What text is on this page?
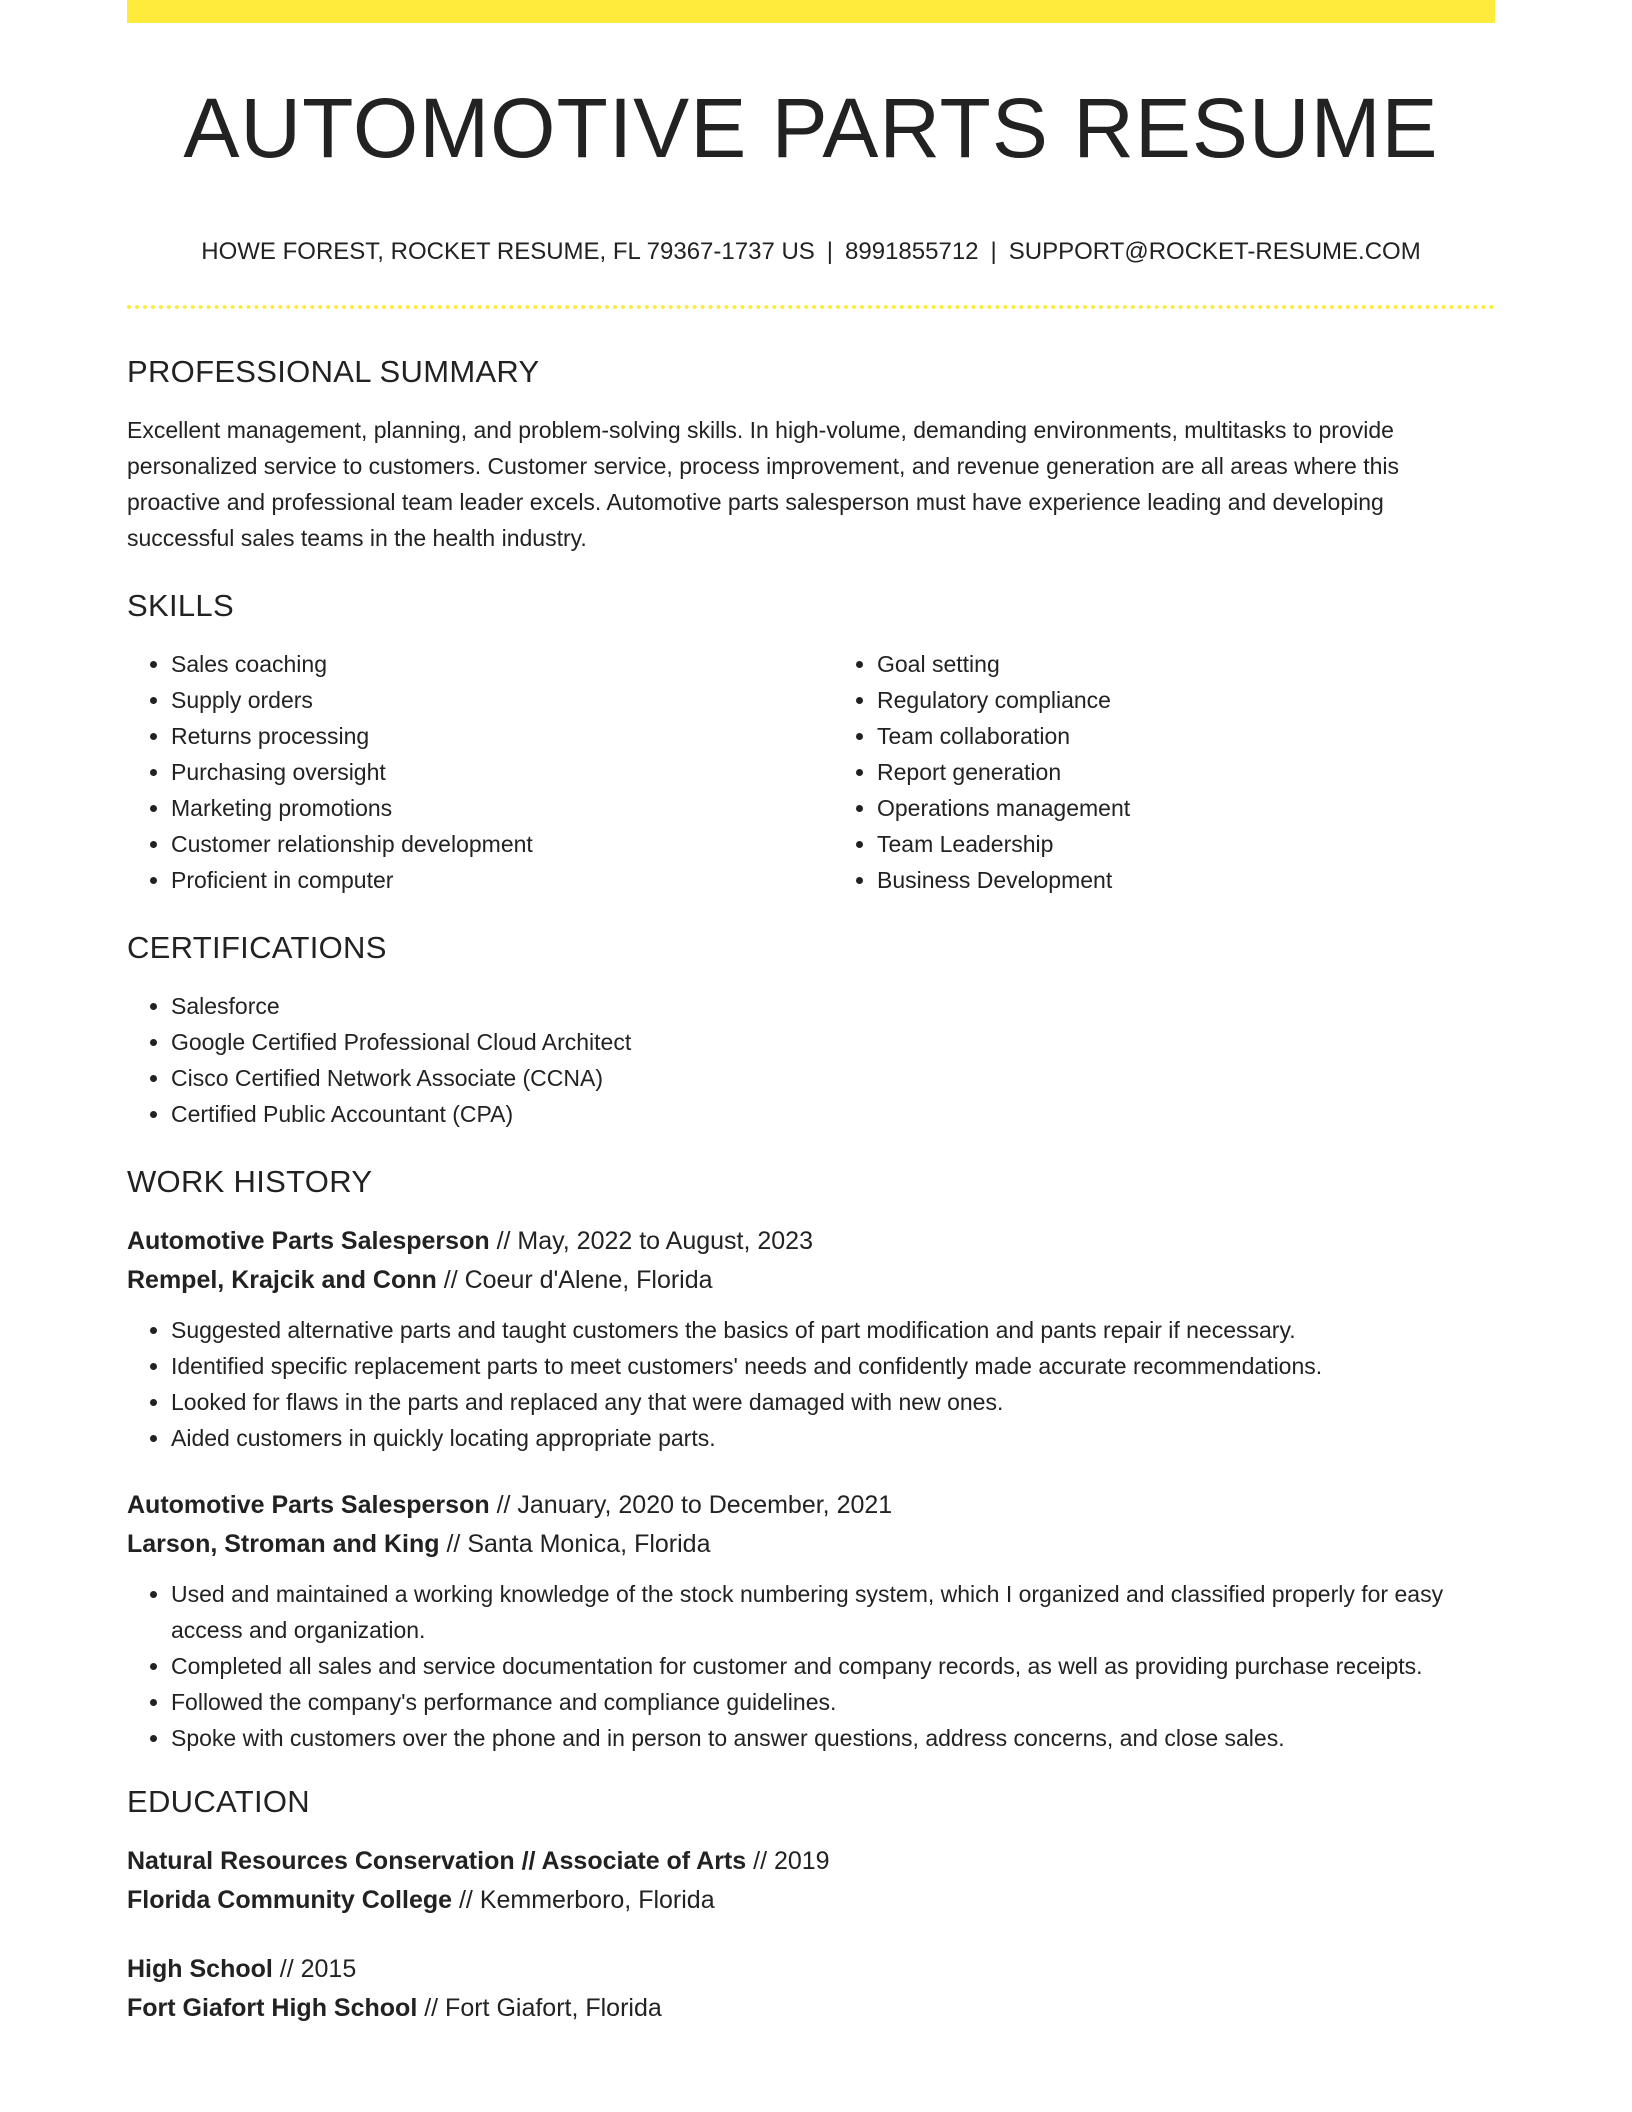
AUTOMOTIVE PARTS RESUME
HOWE FOREST, ROCKET RESUME, FL 79367-1737 US | 8991855712 | SUPPORT@ROCKET-RESUME.COM
PROFESSIONAL SUMMARY

Excellent management, planning, and problem-solving skills. In high-volume, demanding environments, multitasks to provide personalized service to customers. Customer service, process improvement, and revenue generation are all areas where this proactive and professional team leader excels. Automotive parts salesperson must have experience leading and developing successful sales teams in the health industry.

SKILLS
• Sales coaching
• Supply orders
• Returns processing
• Purchasing oversight
• Marketing promotions
• Customer relationship development
• Proficient in computer
• Goal setting
• Regulatory compliance
• Team collaboration
• Report generation
• Operations management
• Team Leadership
• Business Development
CERTIFICATIONS
• Salesforce
• Google Certified Professional Cloud Architect
• Cisco Certified Network Associate (CCNA)
• Certified Public Accountant (CPA)
WORK HISTORY
Automotive Parts Salesperson // May, 2022 to August, 2023
Rempel, Krajcik and Conn // Coeur d'Alene, Florida
• Suggested alternative parts and taught customers the basics of part modification and pants repair if necessary.
• Identified specific replacement parts to meet customers' needs and confidently made accurate recommendations.
• Looked for flaws in the parts and replaced any that were damaged with new ones.
• Aided customers in quickly locating appropriate parts.
Automotive Parts Salesperson // January, 2020 to December, 2021
Larson, Stroman and King // Santa Monica, Florida
• Used and maintained a working knowledge of the stock numbering system, which I organized and classified properly for easy access and organization.
• Completed all sales and service documentation for customer and company records, as well as providing purchase receipts.
• Followed the company's performance and compliance guidelines.
• Spoke with customers over the phone and in person to answer questions, address concerns, and close sales.
EDUCATION
Natural Resources Conservation // Associate of Arts // 2019
Florida Community College // Kemmerboro, Florida
High School // 2015
Fort Giafort High School // Fort Giafort, Florida
